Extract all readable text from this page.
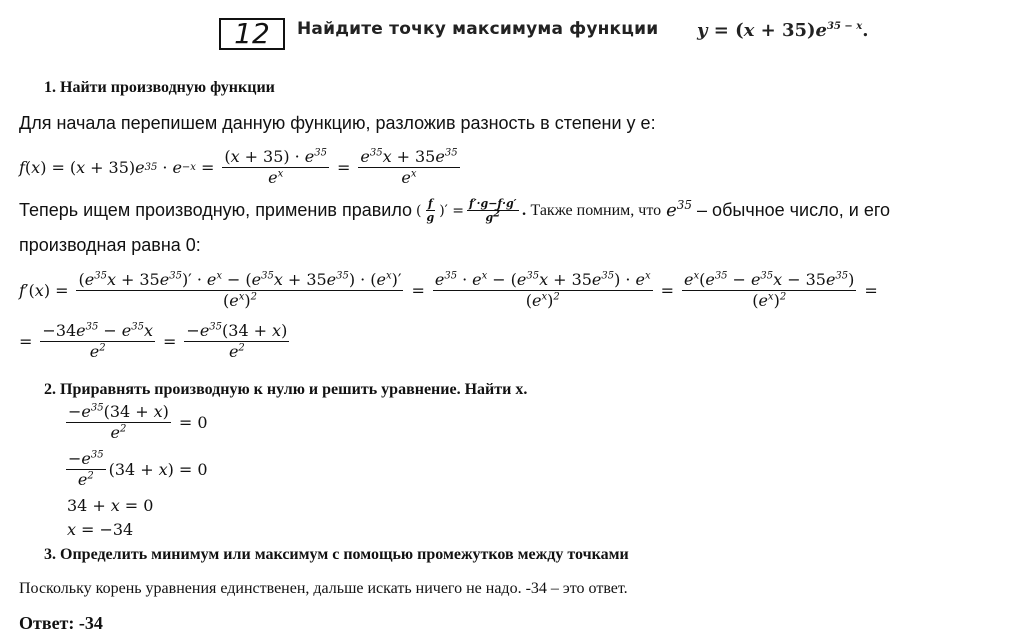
12	Найдите точку максимума функции $y = (x + 35)e^{35 - x}$.
1. Найти производную функции
Для начала перепишем данную функцию, разложив разность в степени у e:
f ( x ) = ( x + 35) e $35 \cdot e -x = \frac{(x + 35) \cdot e^{35}}{e^x} = \frac{e^{35}x + 35e^{35}}{e^x}$
Теперь ищем производную, применив правило ( $\frac{f}{g}$ )′ = $\frac{f'\cdot g-f\cdot g'}{g^2}$ . Также помним, что $e^{35}$ – обычное число, и его
производная равна 0:
f ′( x ) = $\frac{(e^{35}x + 35e^{35})' \cdot e^x - (e^{35}x + 35e^{35}) \cdot (e^x)'}{(e^x)^2} = \frac{e^{35} \cdot e^x - (e^{35}x + 35e^{35}) \cdot e^x}{(e^x)^2} = \frac{e^x(e^{35} - e^{35}x - 35e^{35})}{(e^x)^2}$ =
= $\frac{-34e^{35} - e^{35}x}{e^2} = \frac{-e^{35}(34 + x)}{e^2}$
2. Приравнять производную к нулю и решить уравнение. Найти x.
$\frac{-e^{35}(34 + x)}{e^2} = 0$
$\frac{-e^{35}}{e^2} (34 + x$ ) = 0
34 + x = 0
x = −34
3. Определить минимум или максимум с помощью промежутков между точками
Поскольку корень уравнения единственен, дальше искать ничего не надо. -34 – это ответ.
Ответ: -34
